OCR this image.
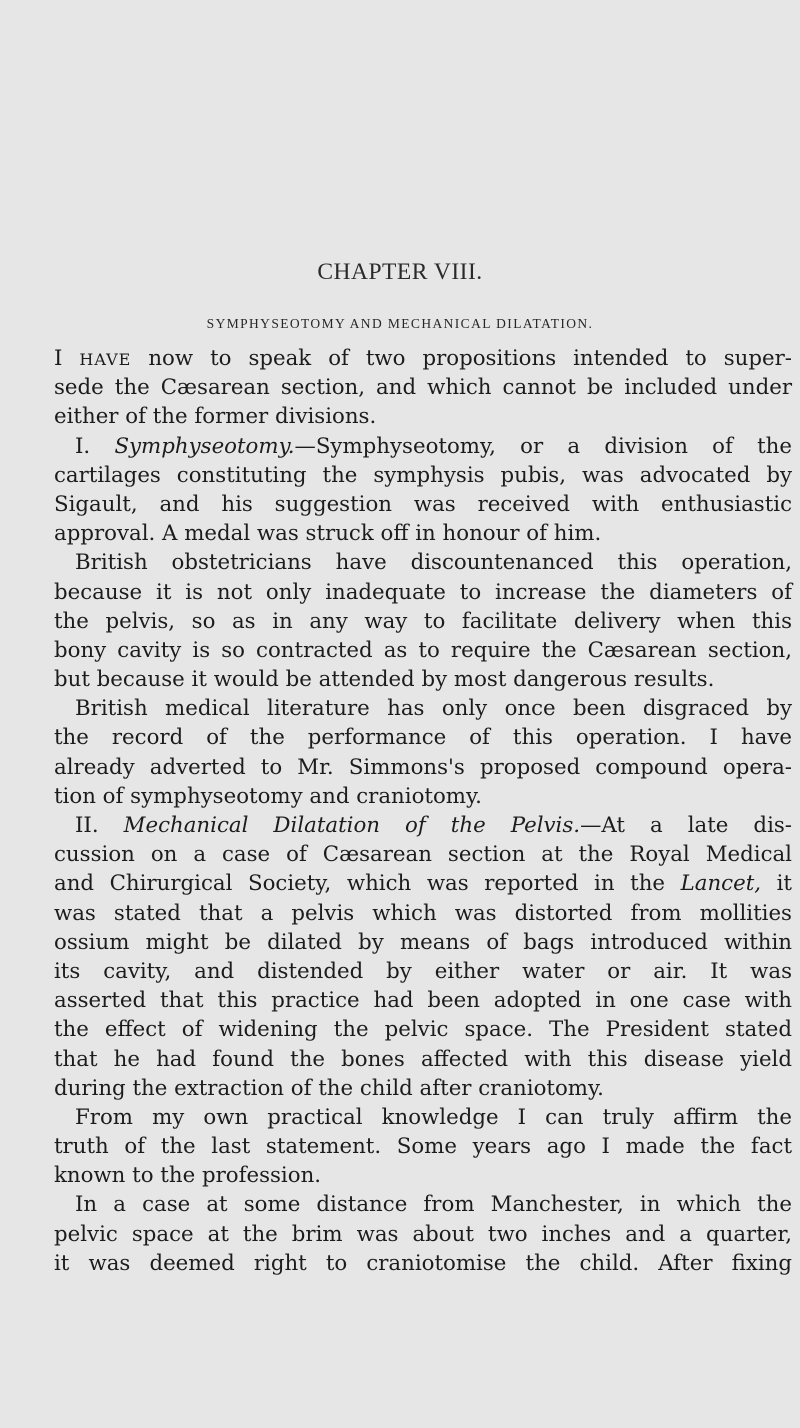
CHAPTER VIII.
SYMPHYSEOTOMY AND MECHANICAL DILATATION.
I HAVE now to speak of two propositions intended to super-
sede the Cæsarean section, and which cannot be included under
either of the former divisions.
I. Symphyseotomy.—Symphyseotomy, or a division of the
cartilages constituting the symphysis pubis, was advocated by
Sigault, and his suggestion was received with enthusiastic
approval. A medal was struck off in honour of him.
British obstetricians have discountenanced this operation,
because it is not only inadequate to increase the diameters of
the pelvis, so as in any way to facilitate delivery when this
bony cavity is so contracted as to require the Cæsarean section,
but because it would be attended by most dangerous results.
British medical literature has only once been disgraced by
the record of the performance of this operation. I have
already adverted to Mr. Simmons's proposed compound opera-
tion of symphyseotomy and craniotomy.
II. Mechanical Dilatation of the Pelvis.—At a late dis-
cussion on a case of Cæsarean section at the Royal Medical
and Chirurgical Society, which was reported in the Lancet, it
was stated that a pelvis which was distorted from mollities
ossium might be dilated by means of bags introduced within
its cavity, and distended by either water or air. It was
asserted that this practice had been adopted in one case with
the effect of widening the pelvic space. The President stated
that he had found the bones affected with this disease yield
during the extraction of the child after craniotomy.
From my own practical knowledge I can truly affirm the
truth of the last statement. Some years ago I made the fact
known to the profession.
In a case at some distance from Manchester, in which the
pelvic space at the brim was about two inches and a quarter,
it was deemed right to craniotomise the child. After fixing
